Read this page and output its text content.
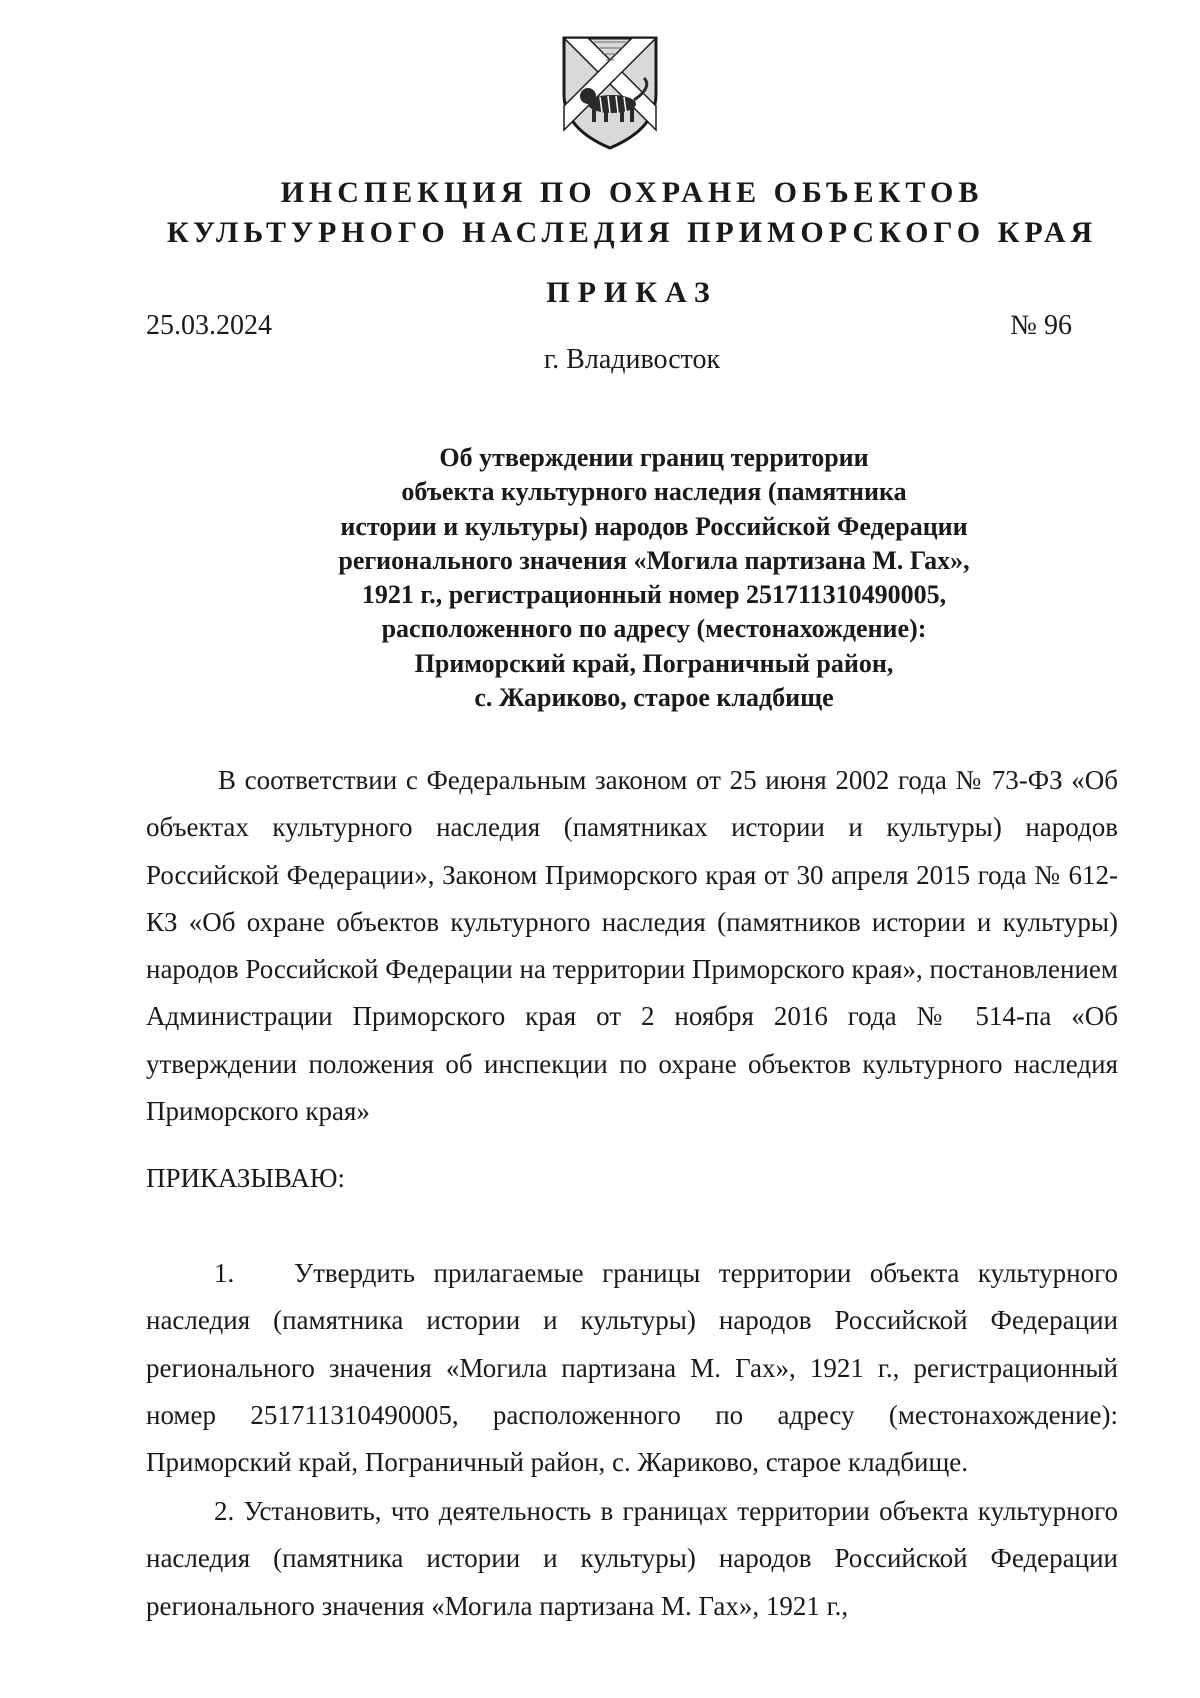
ИНСПЕКЦИЯ ПО ОХРАНЕ ОБЪЕКТОВ
КУЛЬТУРНОГО НАСЛЕДИЯ ПРИМОРСКОГО КРАЯ
ПРИКАЗ
25.03.2024	№ 96
г. Владивосток
Об утверждении границ территории
объекта культурного наследия (памятника
истории и культуры) народов Российской Федерации
регионального значения «Могила партизана М. Гах»,
1921 г., регистрационный номер 251711310490005,
расположенного по адресу (местонахождение):
Приморский край, Пограничный район,
с. Жариково, старое кладбище
В соответствии с Федеральным законом от 25 июня 2002 года № 73-ФЗ «Об объектах культурного наследия (памятниках истории и культуры) народов Российской Федерации», Законом Приморского края от 30 апреля 2015 года № 612-КЗ «Об охране объектов культурного наследия (памятников истории и культуры) народов Российской Федерации на территории Приморского края», постановлением Администрации Приморского края от 2 ноября 2016 года № 514-па «Об утверждении положения об инспекции по охране объектов культурного наследия Приморского края»
ПРИКАЗЫВАЮ:
1. Утвердить прилагаемые границы территории объекта культурного наследия (памятника истории и культуры) народов Российской Федерации регионального значения «Могила партизана М. Гах», 1921 г., регистрационный номер 251711310490005, расположенного по адресу (местонахождение): Приморский край, Пограничный район, с. Жариково, старое кладбище.
2. Установить, что деятельность в границах территории объекта культурного наследия (памятника истории и культуры) народов Российской Федерации регионального значения «Могила партизана М. Гах», 1921 г.,
